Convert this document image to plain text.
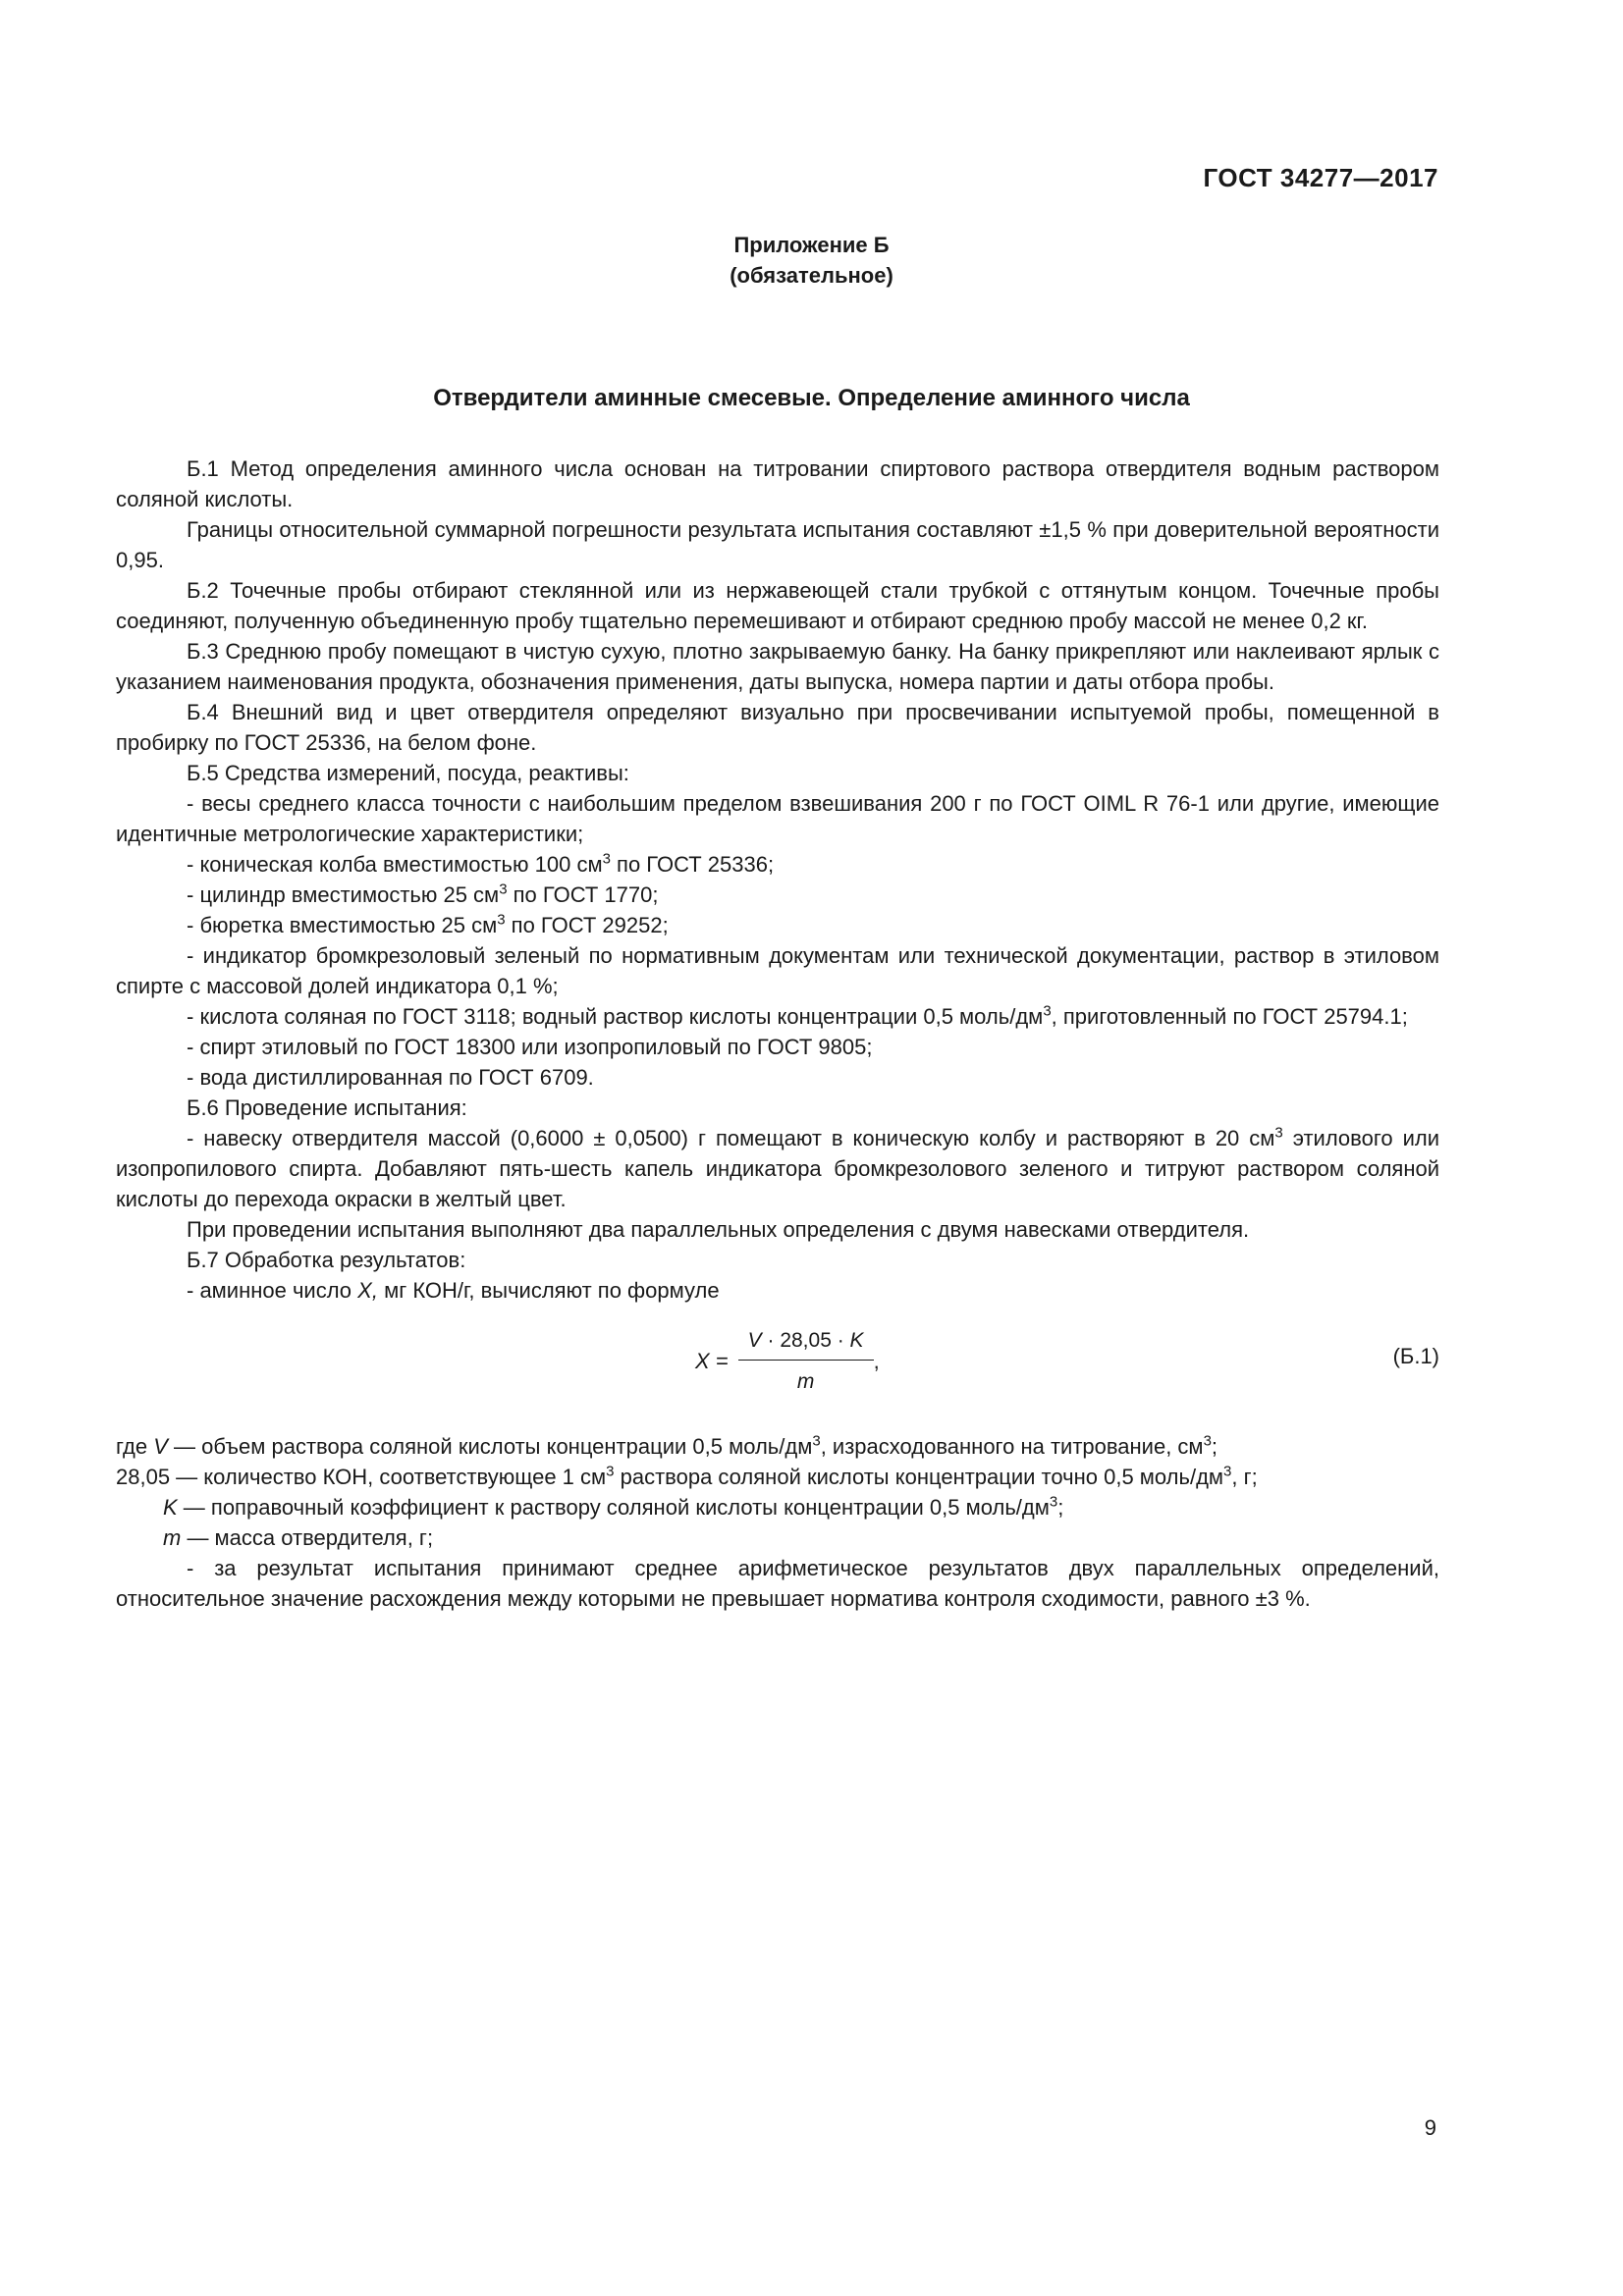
ГОСТ 34277—2017
Приложение Б
(обязательное)
Отвердители аминные смесевые. Определение аминного числа

Б.1 Метод определения аминного числа основан на титровании спиртового раствора отвердителя водным раствором соляной кислоты.

Границы относительной суммарной погрешности результата испытания составляют ±1,5 % при доверительной вероятности 0,95.

Б.2 Точечные пробы отбирают стеклянной или из нержавеющей стали трубкой с оттянутым концом. Точечные пробы соединяют, полученную объединенную пробу тщательно перемешивают и отбирают среднюю пробу массой не менее 0,2 кг.

Б.3 Среднюю пробу помещают в чистую сухую, плотно закрываемую банку. На банку прикрепляют или наклеивают ярлык с указанием наименования продукта, обозначения применения, даты выпуска, номера партии и даты отбора пробы.

Б.4 Внешний вид и цвет отвердителя определяют визуально при просвечивании испытуемой пробы, помещенной в пробирку по ГОСТ 25336, на белом фоне.

Б.5 Средства измерений, посуда, реактивы:

- весы среднего класса точности с наибольшим пределом взвешивания 200 г по ГОСТ OIML R 76-1 или другие, имеющие идентичные метрологические характеристики;

- коническая колба вместимостью 100 $см^3$ по ГОСТ 25336;

- цилиндр вместимостью 25 $см^3$ по ГОСТ 1770;

- бюретка вместимостью 25 $см^3$ по ГОСТ 29252;

- индикатор бромкрезоловый зеленый по нормативным документам или технической документации, раствор в этиловом спирте с массовой долей индикатора 0,1 %;

- кислота соляная по ГОСТ 3118; водный раствор кислоты концентрации 0,5 моль/$дм^3$, приготовленный по ГОСТ 25794.1;

- спирт этиловый по ГОСТ 18300 или изопропиловый по ГОСТ 9805;

- вода дистиллированная по ГОСТ 6709.

Б.6 Проведение испытания:

- навеску отвердителя массой (0,6000 ± 0,0500) г помещают в коническую колбу и растворяют в 20 $см^3$ этилового или изопропилового спирта. Добавляют пять-шесть капель индикатора бромкрезолового зеленого и титруют раствором соляной кислоты до перехода окраски в желтый цвет.

При проведении испытания выполняют два параллельных определения с двумя навесками отвердителя.

Б.7 Обработка результатов:

- аминное число X, мг КОН/г, вычисляют по формуле

$X = \frac{V \cdot 28,05 \cdot K}{m}$ ,	(Б.1)

где V — объем раствора соляной кислоты концентрации 0,5 моль/$дм^3$, израсходованного на титрование, $см^3$;

28,05 — количество КОН, соответствующее 1 $см^3$ раствора соляной кислоты концентрации точно 0,5 моль/$дм^3$, г;

K — поправочный коэффициент к раствору соляной кислоты концентрации 0,5 моль/$дм^3$;

m — масса отвердителя, г;

- за результат испытания принимают среднее арифметическое результатов двух параллельных определений, относительное значение расхождения между которыми не превышает норматива контроля сходимости, равного ±3 %.

9
